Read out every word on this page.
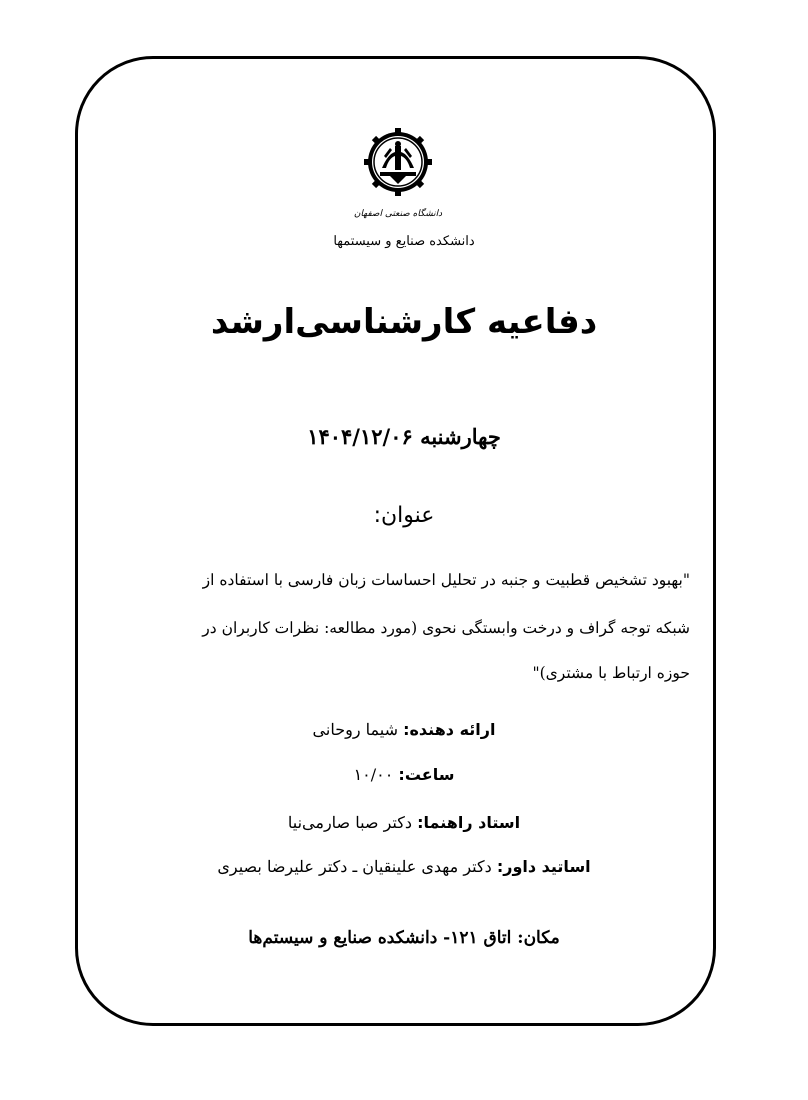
دانشگاه صنعتی اصفهان
دانشکده صنایع و سیستمها
دفاعیه کارشناسی‌ارشد
چهارشنبه ۱۴۰۴/۱۲/۰۶
عنوان:
"بهبود تشخیص قطبیت و جنبه در تحلیل احساسات زبان فارسی با استفاده از
شبکه توجه گراف و درخت وابستگی نحوی (مورد مطالعه: نظرات کاربران در
حوزه ارتباط با مشتری)"
ارائه دهنده: شیما روحانی
ساعت: ۱۰/۰۰
استاد راهنما: دکتر صبا صارمی‌نیا
اساتید داور: دکتر مهدی علینقیان ـ دکتر علیرضا بصیری
مکان: اتاق ۱۲۱- دانشکده صنایع و سیستم‌ها
